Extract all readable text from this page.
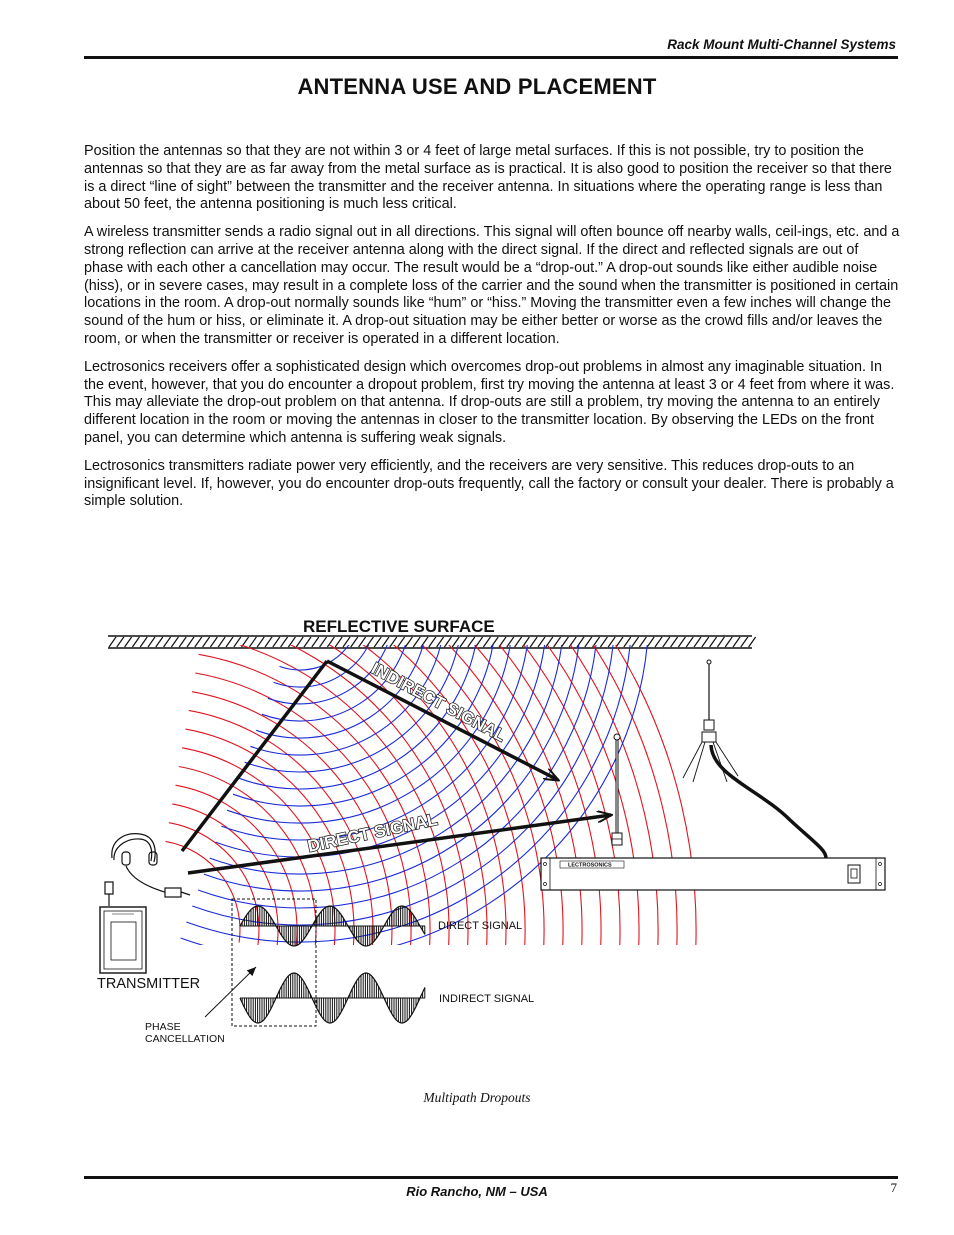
Rack Mount Multi-Channel Systems
ANTENNA USE AND PLACEMENT

Position the antennas so that they are not within 3 or 4 feet of large metal surfaces. If this is not possible, try to position the antennas so that they are as far away from the metal surface as is practical. It is also good to position the receiver so that there is a direct “line of sight” between the transmitter and the receiver antenna. In situations where the operating range is less than about 50 feet, the antenna positioning is much less critical.

A wireless transmitter sends a radio signal out in all directions. This signal will often bounce off nearby walls, ceil-ings, etc. and a strong reflection can arrive at the receiver antenna along with the direct signal. If the direct and reflected signals are out of phase with each other a cancellation may occur. The result would be a “drop-out.” A drop-out sounds like either audible noise (hiss), or in severe cases, may result in a complete loss of the carrier and the sound when the transmitter is positioned in certain locations in the room. A drop-out normally sounds like “hum” or “hiss.” Moving the transmitter even a few inches will change the sound of the hum or hiss, or eliminate it. A drop-out situation may be either better or worse as the crowd fills and/or leaves the room, or when the transmitter or receiver is operated in a different location.

Lectrosonics receivers offer a sophisticated design which overcomes drop-out problems in almost any imaginable situation. In the event, however, that you do encounter a dropout problem, first try moving the antenna at least 3 or 4 feet from where it was. This may alleviate the drop-out problem on that antenna. If drop-outs are still a problem, try moving the antenna to an entirely different location in the room or moving the antennas in closer to the transmitter location. By observing the LEDs on the front panel, you can determine which antenna is suffering weak signals.

Lectrosonics transmitters radiate power very efficiently, and the receivers are very sensitive. This reduces drop-outs to an insignificant level. If, however, you do encounter drop-outs frequently, call the factory or consult your dealer. There is probably a simple solution.

REFLECTIVE SURFACE
INDIRECT SIGNAL
DIRECT SIGNAL
LECTROSONICS
TRANSMITTER
DIRECT SIGNAL
INDIRECT SIGNAL
PHASE
CANCELLATION
Multipath Dropouts
Rio Rancho, NM – USA	7
